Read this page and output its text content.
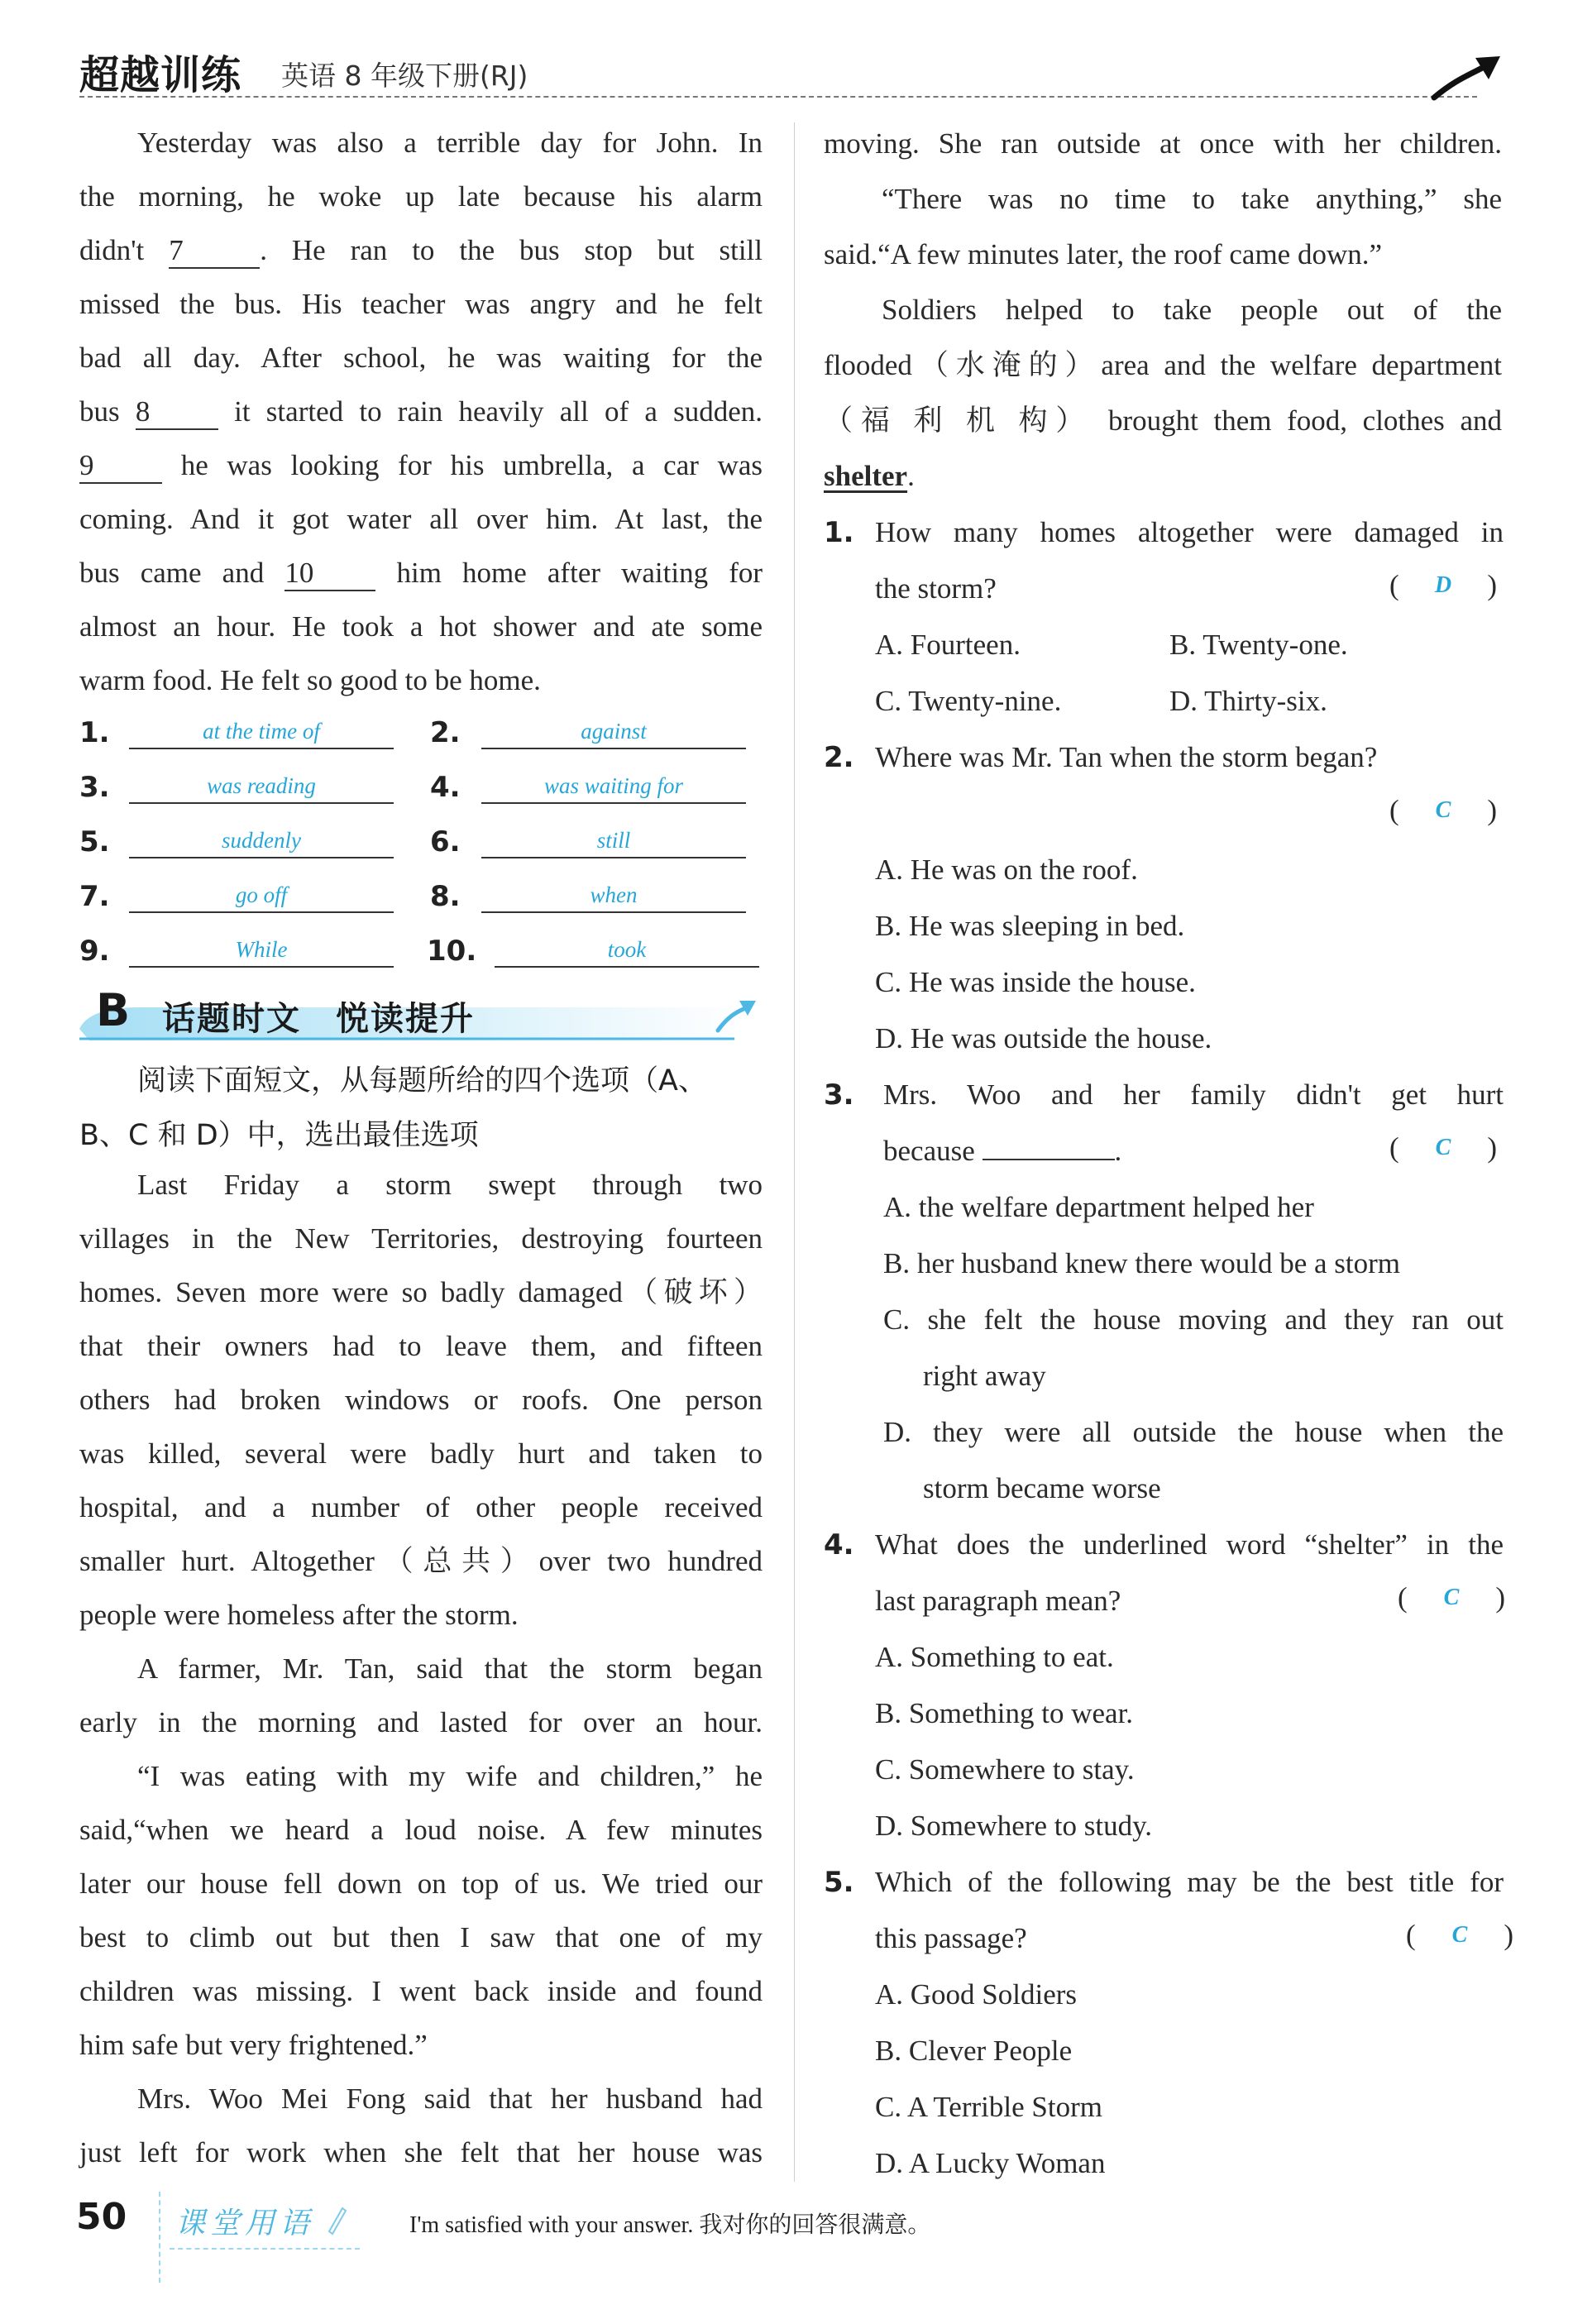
超越训练 英语 8 年级下册(RJ)
Yesterday was also a terrible day for John. In
the morning, he woke up late because his alarm
didn't 7	. He ran to the bus stop but still
missed the bus. His teacher was angry and he felt
bad all day. After school, he was waiting for the
bus 8	it started to rain heavily all of a sudden.
9	he was looking for his umbrella, a car was
coming. And it got water all over him. At last, the
bus came and 10	him home after waiting for
almost an hour. He took a hot shower and ate some
warm food. He felt so good to be home.
1.	at the time of	2.	against
3.	was reading	4.	was waiting for
5.	suddenly	6.	still
7.	go off	8.	when
9.	While	10.	took
B 话题时文　悦读提升
阅读下面短文，从每题所给的四个选项（A、
B、C 和 D）中，选出最佳选项
Last Friday a storm swept through two
villages in the New Territories, destroying fourteen
homes. Seven more were so badly damaged（破坏）
that their owners had to leave them, and fifteen
others had broken windows or roofs. One person
was killed, several were badly hurt and taken to
hospital, and a number of other people received
smaller hurt. Altogether（总共）over two hundred
people were homeless after the storm.
A farmer, Mr. Tan, said that the storm began
early in the morning and lasted for over an hour.
“I was eating with my wife and children,” he
said,“when we heard a loud noise. A few minutes
later our house fell down on top of us. We tried our
best to climb out but then I saw that one of my
children was missing. I went back inside and found
him safe but very frightened.”
Mrs. Woo Mei Fong said that her husband had
just left for work when she felt that her house was
moving. She ran outside at once with her children.
“There was no time to take anything,” she
said.“A few minutes later, the roof came down.”
Soldiers helped to take people out of the
flooded（水淹的）area and the welfare department
（福 利 机 构） brought them food, clothes and
shelter.
1. How many homes altogether were damaged in
the storm?	(	D	)
A. Fourteen.	B. Twenty-one.
C. Twenty-nine.	D. Thirty-six.
2. Where was Mr. Tan when the storm began?
(	C	)
A. He was on the roof.
B. He was sleeping in bed.
C. He was inside the house.
D. He was outside the house.
3. Mrs. Woo and her family didn't get hurt
because	.	(	C	)
A. the welfare department helped her
B. her husband knew there would be a storm
C. she felt the house moving and they ran out
right away
D. they were all outside the house when the
storm became worse
4. What does the underlined word “shelter” in the
last paragraph mean?	(	C	)
A. Something to eat.
B. Something to wear.
C. Somewhere to stay.
D. Somewhere to study.
5. Which of the following may be the best title for
this passage?	(	C	)
A. Good Soldiers
B. Clever People
C. A Terrible Storm
D. A Lucky Woman
50 课堂用语	I'm satisfied with your answer. 我对你的回答很满意。
